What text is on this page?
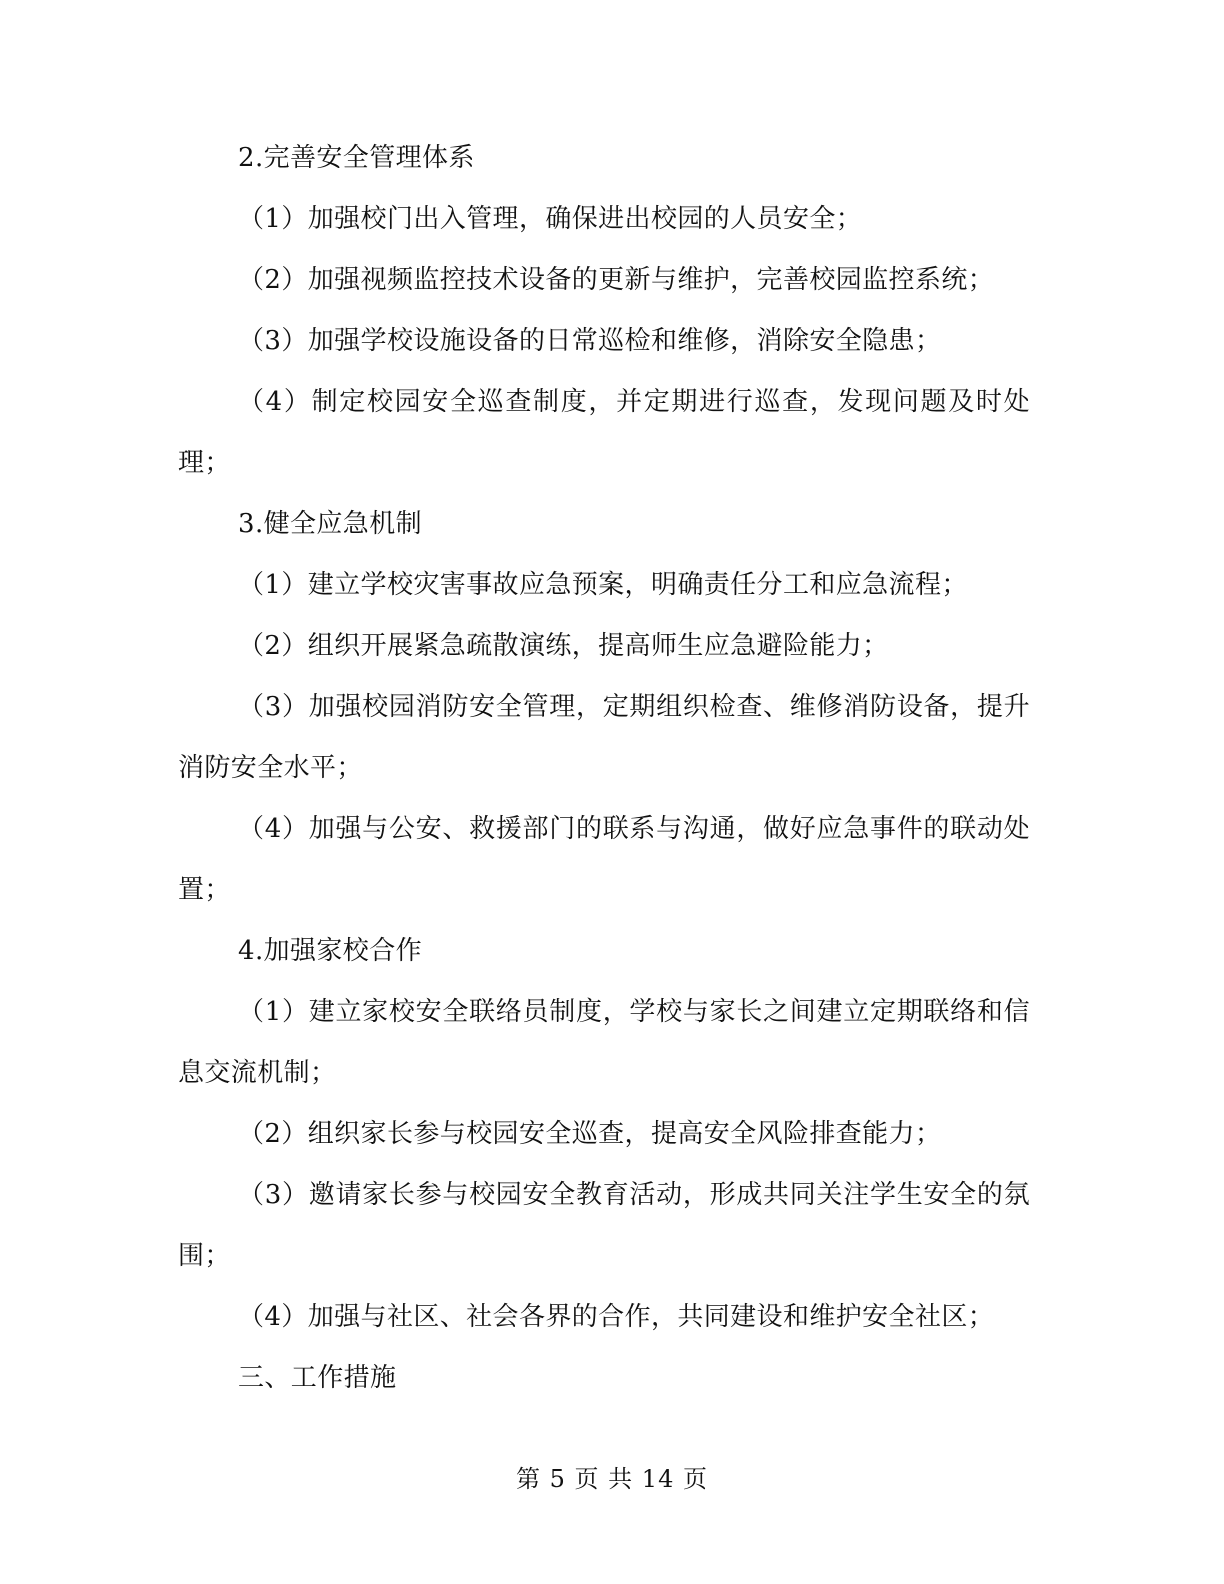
2.完善安全管理体系

（1）加强校门出入管理，确保进出校园的人员安全；

（2）加强视频监控技术设备的更新与维护，完善校园监控系统；

（3）加强学校设施设备的日常巡检和维修，消除安全隐患；

（4）制定校园安全巡查制度，并定期进行巡查，发现问题及时处理；

3.健全应急机制

（1）建立学校灾害事故应急预案，明确责任分工和应急流程；

（2）组织开展紧急疏散演练，提高师生应急避险能力；

（3）加强校园消防安全管理，定期组织检查、维修消防设备，提升消防安全水平；

（4）加强与公安、救援部门的联系与沟通，做好应急事件的联动处置；

4.加强家校合作

（1）建立家校安全联络员制度，学校与家长之间建立定期联络和信息交流机制；

（2）组织家长参与校园安全巡查，提高安全风险排查能力；

（3）邀请家长参与校园安全教育活动，形成共同关注学生安全的氛围；

（4）加强与社区、社会各界的合作，共同建设和维护安全社区；

三、工作措施

第 5 页 共 14 页
